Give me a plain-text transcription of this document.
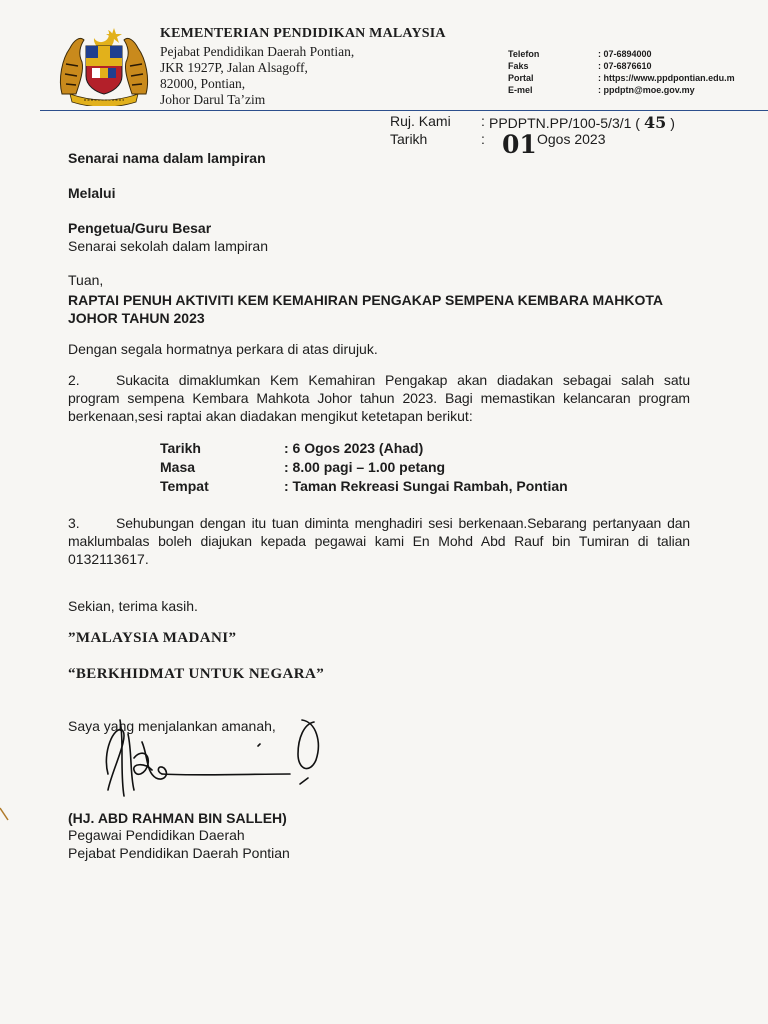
KEMENTERIAN PENDIDIKAN MALAYSIA
Pejabat Pendidikan Daerah Pontian,
JKR 1927P, Jalan Alsagoff,
82000, Pontian,
Johor Darul Ta’zim
Telefon	: 07-6894000
Faks	: 07-6876610
Portal	: https://www.ppdpontian.edu.m
E-mel	: ppdptn@moe.gov.my
Ruj. Kami : PPDPTN.PP/100-5/3/1 ( 45 )
Tarikh	: 01 Ogos 2023
Senarai nama dalam lampiran
Melalui
Pengetua/Guru Besar
Senarai sekolah dalam lampiran
Tuan,
RAPTAI PENUH AKTIVITI KEM KEMAHIRAN PENGAKAP SEMPENA KEMBARA MAHKOTA
JOHOR TAHUN 2023
Dengan segala hormatnya perkara di atas dirujuk.
2.	Sukacita dimaklumkan Kem Kemahiran Pengakap akan diadakan sebagai salah satu
program sempena Kembara Mahkota Johor tahun 2023. Bagi memastikan kelancaran program
berkenaan,sesi raptai akan diadakan mengikut ketetapan berikut:
Tarikh	: 6 Ogos 2023 (Ahad)
Masa	: 8.00 pagi – 1.00 petang
Tempat	: Taman Rekreasi Sungai Rambah, Pontian
3.	Sehubungan dengan itu tuan diminta menghadiri sesi berkenaan.Sebarang pertanyaan dan
maklumbalas boleh diajukan kepada pegawai kami En Mohd Abd Rauf bin Tumiran di talian
0132113617.
Sekian, terima kasih.
”MALAYSIA MADANI”
“BERKHIDMAT UNTUK NEGARA”
Saya yang menjalankan amanah,
(HJ. ABD RAHMAN BIN SALLEH)
Pegawai Pendidikan Daerah
Pejabat Pendidikan Daerah Pontian
